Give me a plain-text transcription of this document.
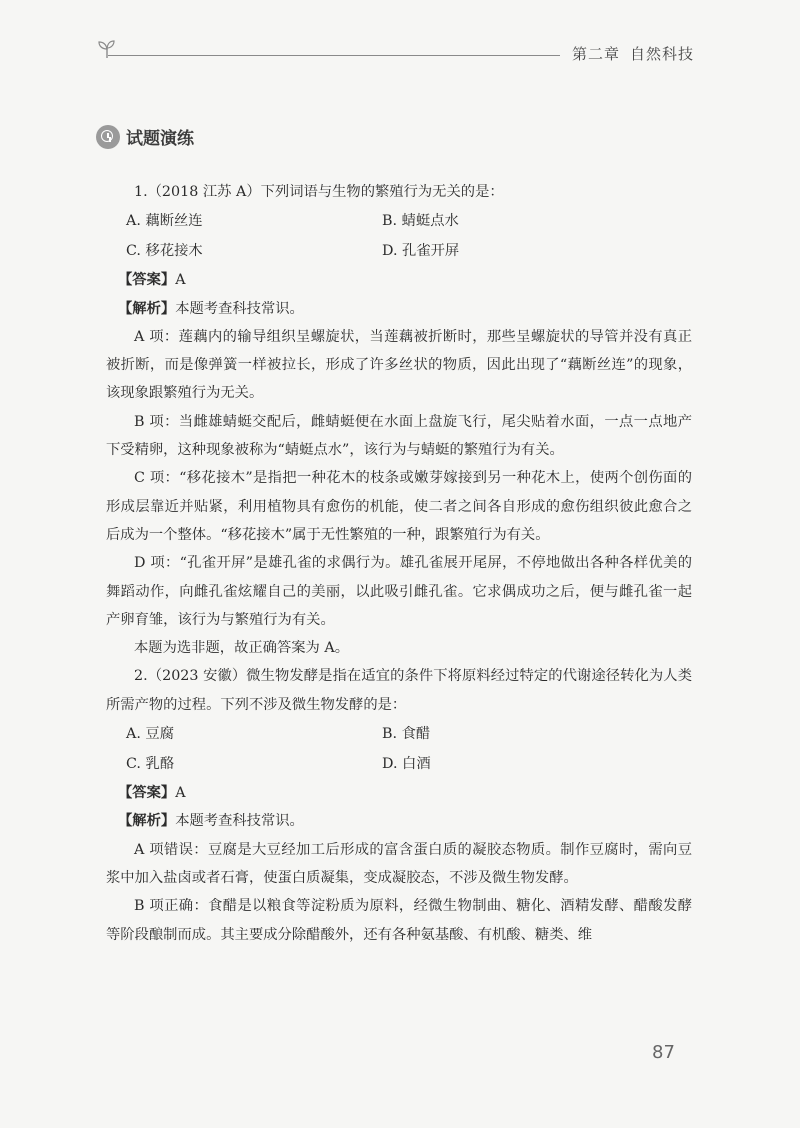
第二章 自然科技
试题演练

1.（2018 江苏 A）下列词语与生物的繁殖行为无关的是：

A. 藕断丝连	B. 蜻蜓点水
C. 移花接木	D. 孔雀开屏
【答案】A
【解析】本题考查科技常识。

A 项：莲藕内的输导组织呈螺旋状，当莲藕被折断时，那些呈螺旋状的导管并没有真正被折断，而是像弹簧一样被拉长，形成了许多丝状的物质，因此出现了“藕断丝连”的现象，该现象跟繁殖行为无关。

B 项：当雌雄蜻蜓交配后，雌蜻蜓便在水面上盘旋飞行，尾尖贴着水面，一点一点地产下受精卵，这种现象被称为“蜻蜓点水”，该行为与蜻蜓的繁殖行为有关。

C 项：“移花接木”是指把一种花木的枝条或嫩芽嫁接到另一种花木上，使两个创伤面的形成层靠近并贴紧，利用植物具有愈伤的机能，使二者之间各自形成的愈伤组织彼此愈合之后成为一个整体。“移花接木”属于无性繁殖的一种，跟繁殖行为有关。

D 项：“孔雀开屏”是雄孔雀的求偶行为。雄孔雀展开尾屏，不停地做出各种各样优美的舞蹈动作，向雌孔雀炫耀自己的美丽，以此吸引雌孔雀。它求偶成功之后，便与雌孔雀一起产卵育雏，该行为与繁殖行为有关。

本题为选非题，故正确答案为 A。

2.（2023 安徽）微生物发酵是指在适宜的条件下将原料经过特定的代谢途径转化为人类所需产物的过程。下列不涉及微生物发酵的是：

A. 豆腐	B. 食醋
C. 乳酪	D. 白酒
【答案】A
【解析】本题考查科技常识。

A 项错误：豆腐是大豆经加工后形成的富含蛋白质的凝胶态物质。制作豆腐时，需向豆浆中加入盐卤或者石膏，使蛋白质凝集，变成凝胶态，不涉及微生物发酵。

B 项正确：食醋是以粮食等淀粉质为原料，经微生物制曲、糖化、酒精发酵、醋酸发酵等阶段酿制而成。其主要成分除醋酸外，还有各种氨基酸、有机酸、糖类、维

87
